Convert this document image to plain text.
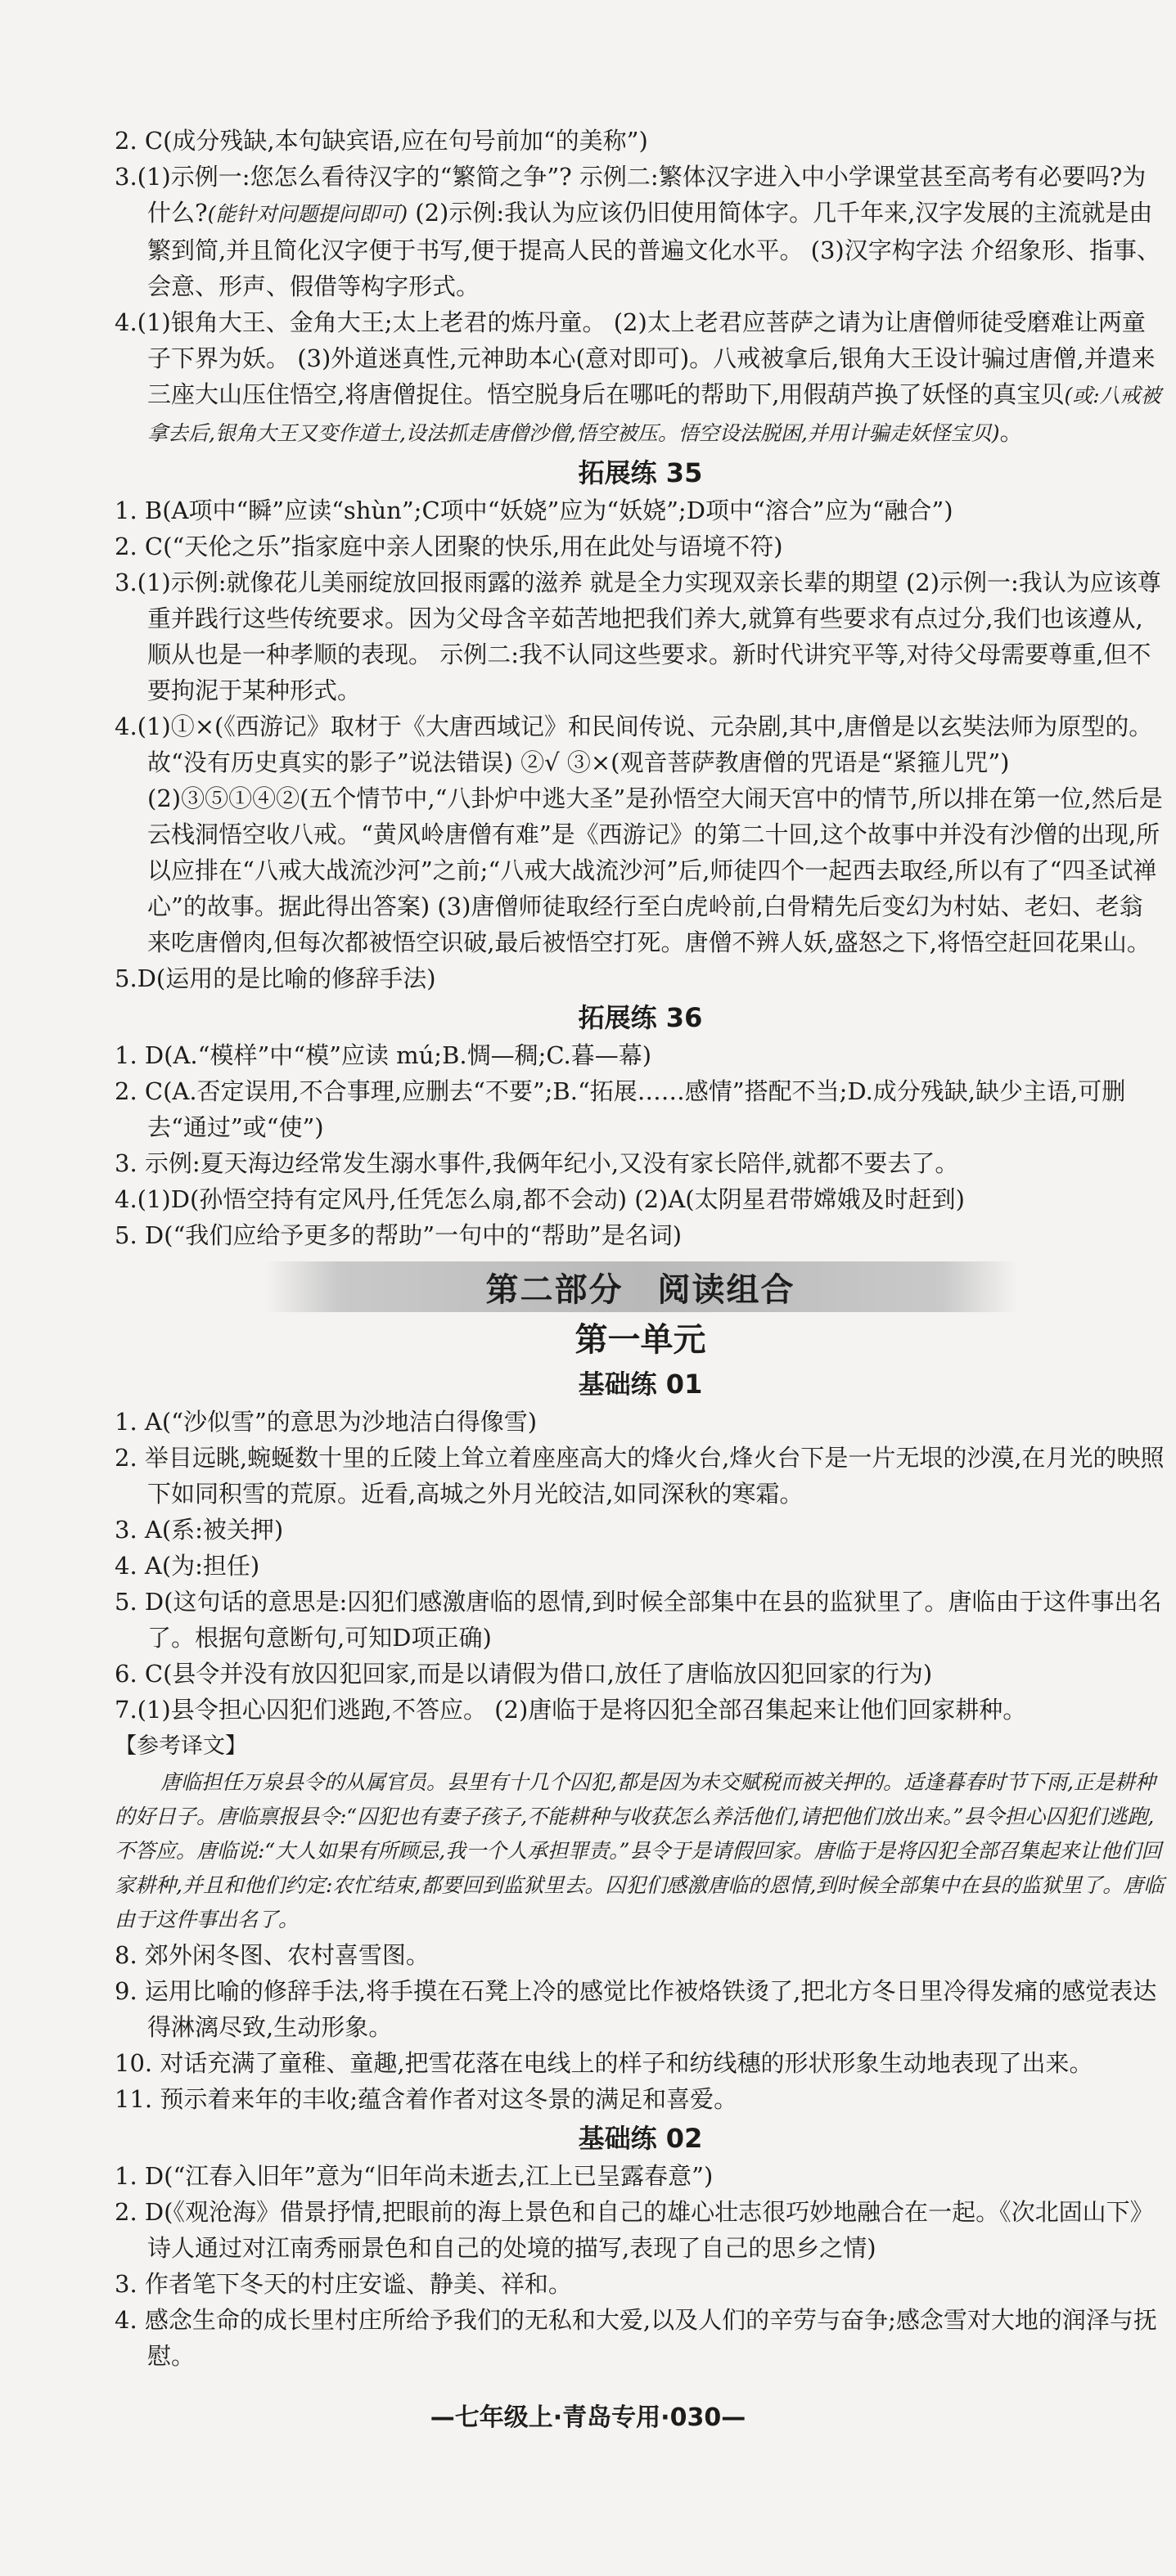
2. C(成分残缺,本句缺宾语,应在句号前加“的美称”)

3.(1)示例一:您怎么看待汉字的“繁简之争”? 示例二:繁体汉字进入中小学课堂甚至高考有必要吗?为什么?(能针对问题提问即可) (2)示例:我认为应该仍旧使用简体字。几千年来,汉字发展的主流就是由繁到简,并且简化汉字便于书写,便于提高人民的普遍文化水平。 (3)汉字构字法 介绍象形、指事、会意、形声、假借等构字形式。

4.(1)银角大王、金角大王;太上老君的炼丹童。 (2)太上老君应菩萨之请为让唐僧师徒受磨难让两童子下界为妖。 (3)外道迷真性,元神助本心(意对即可)。八戒被拿后,银角大王设计骗过唐僧,并遣来三座大山压住悟空,将唐僧捉住。悟空脱身后在哪吒的帮助下,用假葫芦换了妖怪的真宝贝(或:八戒被拿去后,银角大王又变作道士,设法抓走唐僧沙僧,悟空被压。悟空设法脱困,并用计骗走妖怪宝贝)。

拓展练 35

1. B(A项中“瞬”应读“shùn”;C项中“妖娆”应为“妖娆”;D项中“溶合”应为“融合”)

2. C(“天伦之乐”指家庭中亲人团聚的快乐,用在此处与语境不符)

3.(1)示例:就像花儿美丽绽放回报雨露的滋养 就是全力实现双亲长辈的期望 (2)示例一:我认为应该尊重并践行这些传统要求。因为父母含辛茹苦地把我们养大,就算有些要求有点过分,我们也该遵从,顺从也是一种孝顺的表现。 示例二:我不认同这些要求。新时代讲究平等,对待父母需要尊重,但不要拘泥于某种形式。

4.(1)①×(《西游记》取材于《大唐西域记》和民间传说、元杂剧,其中,唐僧是以玄奘法师为原型的。故“没有历史真实的影子”说法错误) ②√ ③×(观音菩萨教唐僧的咒语是“紧箍儿咒”) (2)③⑤①④②(五个情节中,“八卦炉中逃大圣”是孙悟空大闹天宫中的情节,所以排在第一位,然后是云栈洞悟空收八戒。“黄风岭唐僧有难”是《西游记》的第二十回,这个故事中并没有沙僧的出现,所以应排在“八戒大战流沙河”之前;“八戒大战流沙河”后,师徒四个一起西去取经,所以有了“四圣试禅心”的故事。据此得出答案) (3)唐僧师徒取经行至白虎岭前,白骨精先后变幻为村姑、老妇、老翁来吃唐僧肉,但每次都被悟空识破,最后被悟空打死。唐僧不辨人妖,盛怒之下,将悟空赶回花果山。

5.D(运用的是比喻的修辞手法)

拓展练 36

1. D(A.“模样”中“模”应读 mú;B.惆—稠;C.暮—幕)

2. C(A.否定误用,不合事理,应删去“不要”;B.“拓展……感情”搭配不当;D.成分残缺,缺少主语,可删去“通过”或“使”)

3. 示例:夏天海边经常发生溺水事件,我俩年纪小,又没有家长陪伴,就都不要去了。

4.(1)D(孙悟空持有定风丹,任凭怎么扇,都不会动) (2)A(太阴星君带嫦娥及时赶到)

5. D(“我们应给予更多的帮助”一句中的“帮助”是名词)

第二部分　阅读组合
第一单元
基础练 01

1. A(“沙似雪”的意思为沙地洁白得像雪)

2. 举目远眺,蜿蜒数十里的丘陵上耸立着座座高大的烽火台,烽火台下是一片无垠的沙漠,在月光的映照下如同积雪的荒原。近看,高城之外月光皎洁,如同深秋的寒霜。

3. A(系:被关押)

4. A(为:担任)

5. D(这句话的意思是:囚犯们感激唐临的恩情,到时候全部集中在县的监狱里了。唐临由于这件事出名了。根据句意断句,可知D项正确)

6. C(县令并没有放囚犯回家,而是以请假为借口,放任了唐临放囚犯回家的行为)

7.(1)县令担心囚犯们逃跑,不答应。 (2)唐临于是将囚犯全部召集起来让他们回家耕种。

【参考译文】

唐临担任万泉县令的从属官员。县里有十几个囚犯,都是因为未交赋税而被关押的。适逢暮春时节下雨,正是耕种的好日子。唐临禀报县令:“囚犯也有妻子孩子,不能耕种与收获怎么养活他们,请把他们放出来。”县令担心囚犯们逃跑,不答应。唐临说:“大人如果有所顾忌,我一个人承担罪责。”县令于是请假回家。唐临于是将囚犯全部召集起来让他们回家耕种,并且和他们约定:农忙结束,都要回到监狱里去。囚犯们感激唐临的恩情,到时候全部集中在县的监狱里了。唐临由于这件事出名了。

8. 郊外闲冬图、农村喜雪图。

9. 运用比喻的修辞手法,将手摸在石凳上冷的感觉比作被烙铁烫了,把北方冬日里冷得发痛的感觉表达得淋漓尽致,生动形象。

10. 对话充满了童稚、童趣,把雪花落在电线上的样子和纺线穗的形状形象生动地表现了出来。

11. 预示着来年的丰收;蕴含着作者对这冬景的满足和喜爱。

基础练 02

1. D(“江春入旧年”意为“旧年尚未逝去,江上已呈露春意”)

2. D(《观沧海》借景抒情,把眼前的海上景色和自己的雄心壮志很巧妙地融合在一起。《次北固山下》诗人通过对江南秀丽景色和自己的处境的描写,表现了自己的思乡之情)

3. 作者笔下冬天的村庄安谧、静美、祥和。

4. 感念生命的成长里村庄所给予我们的无私和大爱,以及人们的辛劳与奋争;感念雪对大地的润泽与抚慰。

—七年级上·青岛专用·030—
